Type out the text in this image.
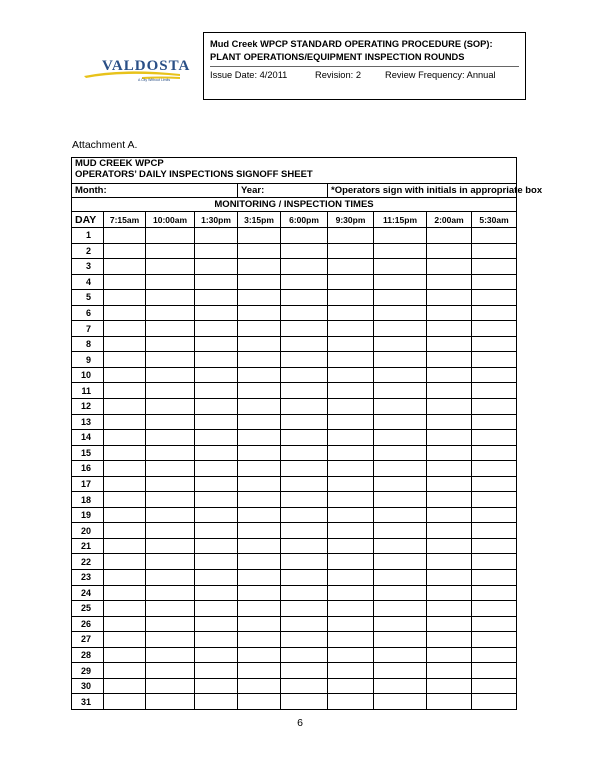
VALDOSTA
A City Without Limits
Mud Creek WPCP STANDARD OPERATING PROCEDURE (SOP):
PLANT OPERATIONS/EQUIPMENT INSPECTION ROUNDS
Issue Date: 4/2011	Revision: 2	Review Frequency: Annual
Attachment A.
MUD CREEK WPCP
OPERATORS’ DAILY INSPECTIONS SIGNOFF SHEET									

Month:				Year:		*Operators sign with initials in appropriate box			
MONITORING / INSPECTION TIMES									
DAY	7:15am	10:00am	1:30pm	3:15pm	6:00pm	9:30pm	11:15pm	2:00am	5:30am
1									
2									
3									
4									
5									
6									
7									
8									
9									
10									
11									
12									
13									
14									
15									
16									
17									
18									
19									
20									
21									
22									
23									
24									
25									
26									
27									
28									
29									
30									
31									
6
